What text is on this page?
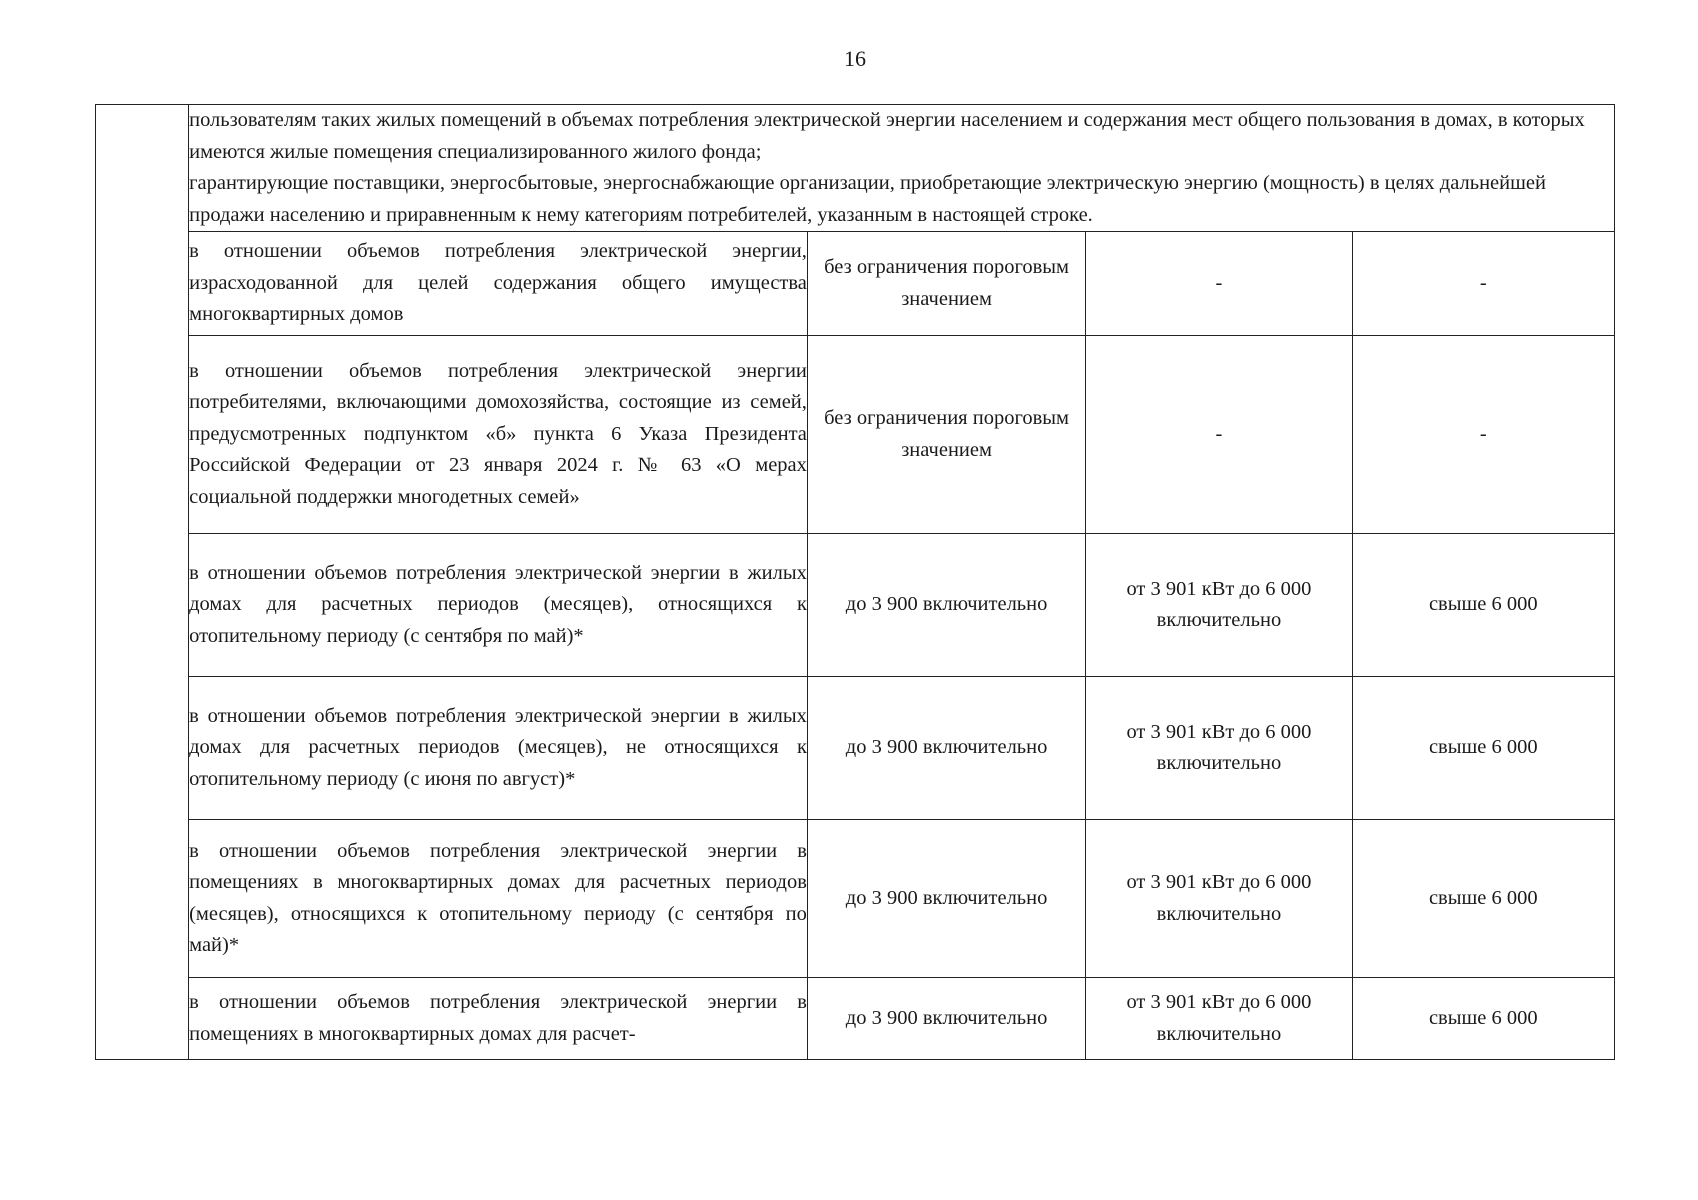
16

	пользователям таких жилых помещений в объемах потребления электрической энергии населением и содержания мест общего пользования в домах, в которых имеются жилые помещения специализированного жилого фонда;
гарантирующие поставщики, энергосбытовые, энергоснабжающие организации, приобретающие электрическую энергию (мощность) в целях дальнейшей продажи населению и приравненным к нему категориям потребителей, указанным в настоящей строке.			

	в отношении объемов потребления электрической энергии, израсходованной для целей содержания общего имущества многоквартирных домов	без ограничения пороговым значением	-	-
	в отношении объемов потребления электрической энергии потребителями, включающими домохозяйства, состоящие из семей, предусмотренных подпунктом «б» пункта 6 Указа Президента Российской Федерации от 23 января 2024 г. № 63 «О мерах социальной поддержки многодетных семей»	без ограничения пороговым значением	-	-
	в отношении объемов потребления электрической энергии в жилых домах для расчетных периодов (месяцев), относящихся к отопительному периоду (с сентября по май)*	до 3 900 включительно	от 3 901 кВт до 6 000 включительно	свыше 6 000
	в отношении объемов потребления электрической энергии в жилых домах для расчетных периодов (месяцев), не относящихся к отопительному периоду (с июня по август)*	до 3 900 включительно	от 3 901 кВт до 6 000 включительно	свыше 6 000
	в отношении объемов потребления электрической энергии в помещениях в многоквартирных домах для расчетных периодов (месяцев), относящихся к отопительному периоду (с сентября по май)*	до 3 900 включительно	от 3 901 кВт до 6 000 включительно	свыше 6 000
	в отношении объемов потребления электрической энергии в помещениях в многоквартирных домах для расчет-	до 3 900 включительно	от 3 901 кВт до 6 000 включительно	свыше 6 000
